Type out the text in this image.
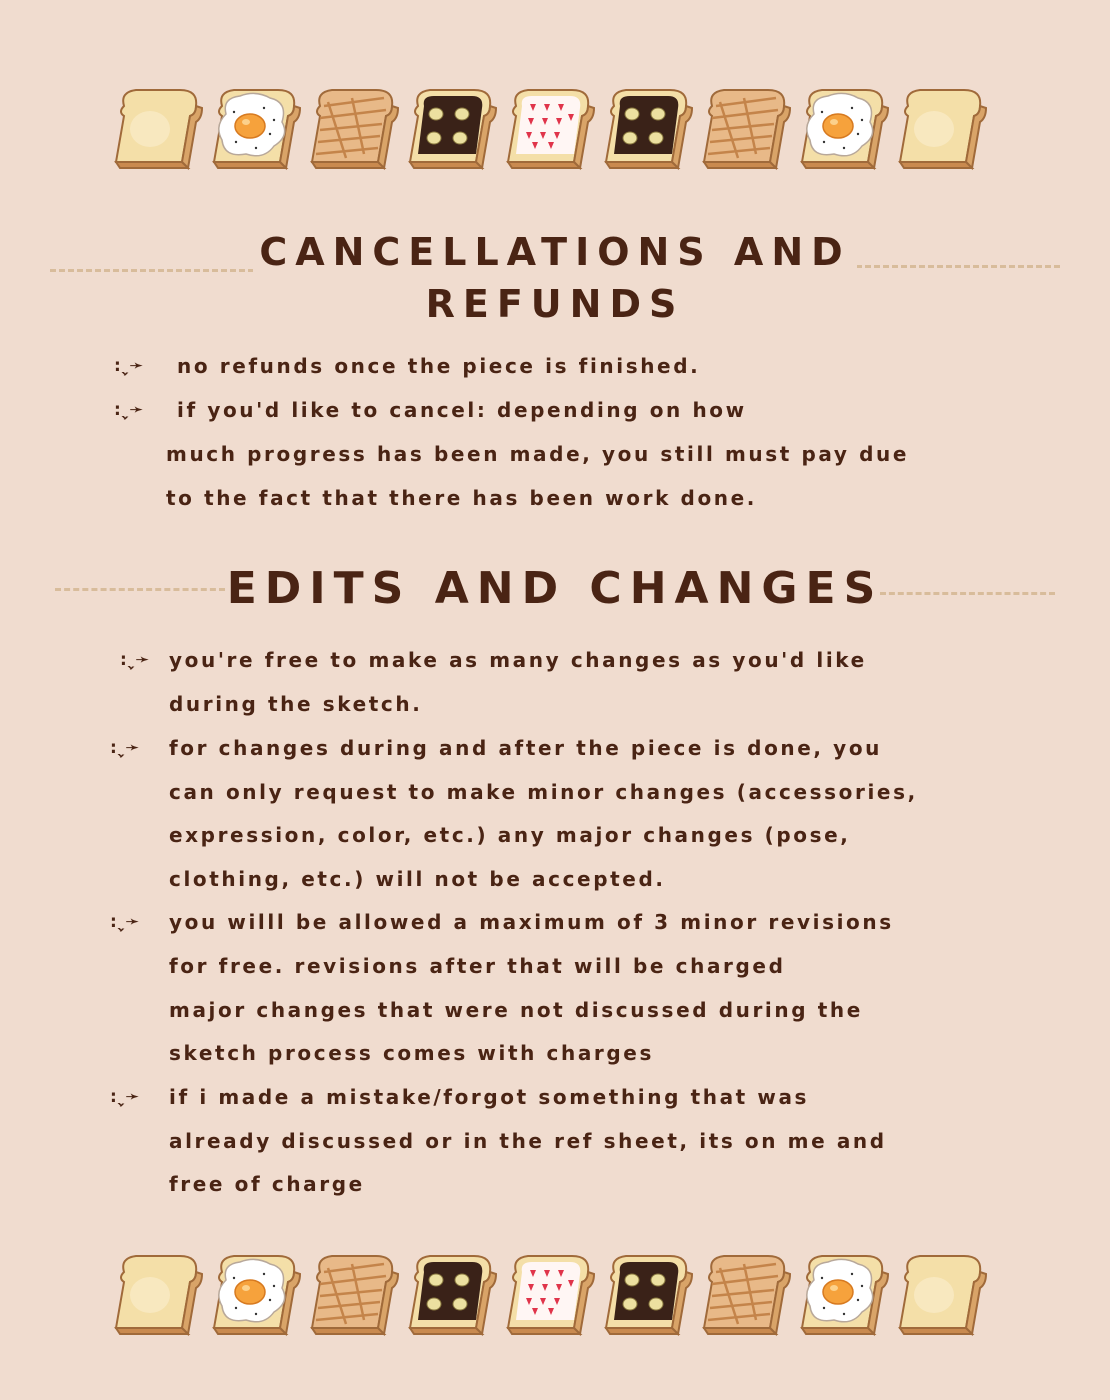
CANCELLATIONS AND
REFUNDS
:ˎ̗➛ no refunds once the piece is finished.
:ˎ̗➛ if you'd like to cancel: depending on how
much progress has been made, you still must pay due
to the fact that there has been work done.
EDITS AND CHANGES
:ˎ̗➛ you're free to make as many changes as you'd like
during the sketch.
:ˎ̗➛ for changes during and after the piece is done, you
can only request to make minor changes (accessories,
expression, color, etc.) any major changes (pose,
clothing, etc.) will not be accepted.
:ˎ̗➛ you willl be allowed a maximum of 3 minor revisions
for free. revisions after that will be charged
major changes that were not discussed during the
sketch process comes with charges
:ˎ̗➛ if i made a mistake/forgot something that was
already discussed or in the ref sheet, its on me and
free of charge
